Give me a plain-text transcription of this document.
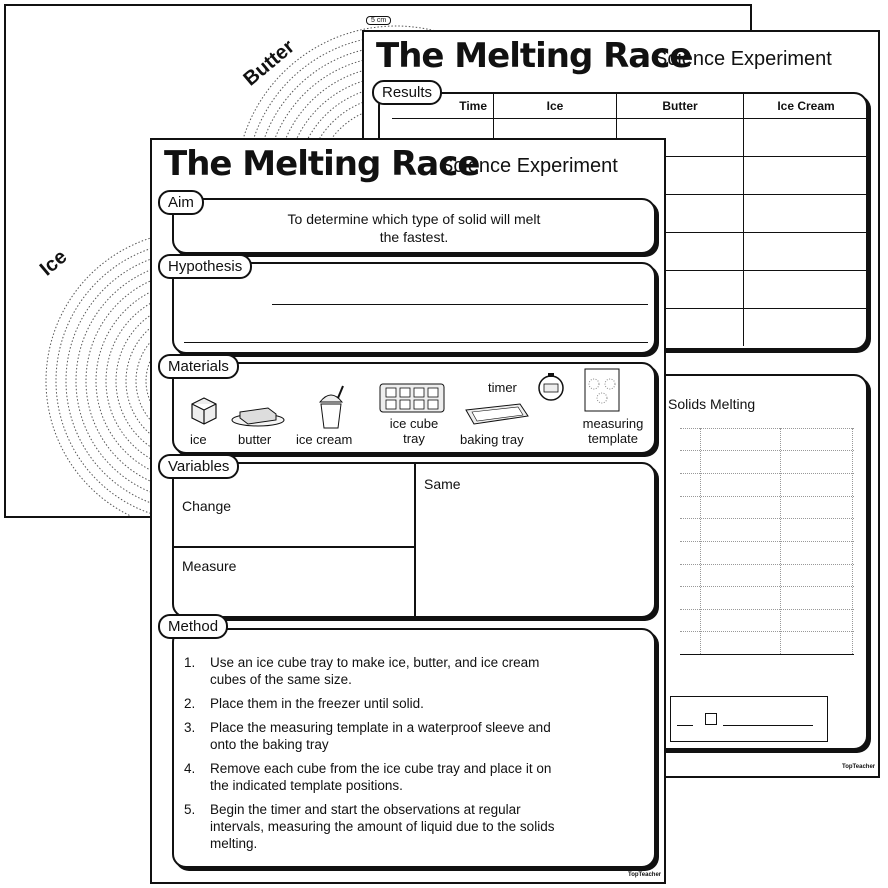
Ice
Butter
5 cm
The Melting Race
Science Experiment
Results
Time	Ice	Butter	Ice Cream

Solids Melting
TopTeacher
The Melting Race
Science Experiment
Aim
To determine which type of solid will melt
the fastest.
Hypothesis
Materials
ice butter ice cream
ice cube
tray
timer
baking tray
measuring
template
Variables
Change
Same
Measure
Method
1.	Use an ice cube tray to make ice, butter, and ice cream
cubes of the same size.
2.	Place them in the freezer until solid.
3.	Place the measuring template in a waterproof sleeve and
onto the baking tray
4.	Remove each cube from the ice cube tray and place it on
the indicated template positions.
5.	Begin the timer and start the observations at regular
intervals, measuring the amount of liquid due to the solids
melting.
TopTeacher
